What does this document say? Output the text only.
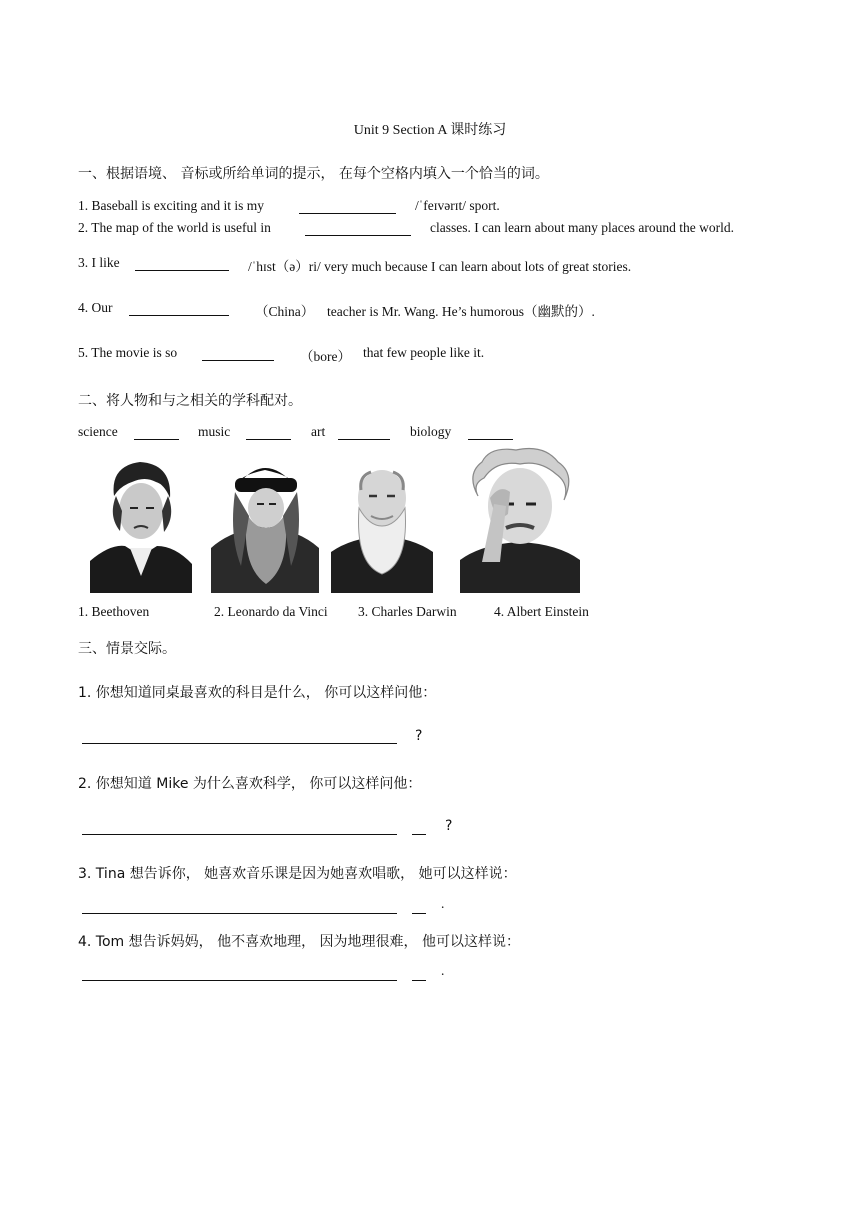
Unit 9 Section A 课时练习
一、根据语境、 音标或所给单词的提示， 在每个空格内填入一个恰当的词。
1. Baseball is exciting and it is my	/ˈfeɪvərɪt/ sport.
2. The map of the world is useful in	classes. I can learn about many places around the world.
3. I like	/ˈhɪst（ə）ri/ very much because I can learn about lots of great stories.
4. Our	（China） teacher is Mr. Wang. He’s humorous（幽默的）.
5. The movie is so	（bore） that few people like it.
二、将人物和与之相关的学科配对。
science	music	art	biology
1. Beethoven	2. Leonardo da Vinci 3. Charles Darwin	4. Albert Einstein
三、情景交际。
1. 你想知道同桌最喜欢的科目是什么， 你可以这样问他：
?
2. 你想知道 Mike 为什么喜欢科学， 你可以这样问他：
?
3. Tina 想告诉你， 她喜欢音乐课是因为她喜欢唱歌， 她可以这样说：
.
4. Tom 想告诉妈妈， 他不喜欢地理， 因为地理很难， 他可以这样说：
.
